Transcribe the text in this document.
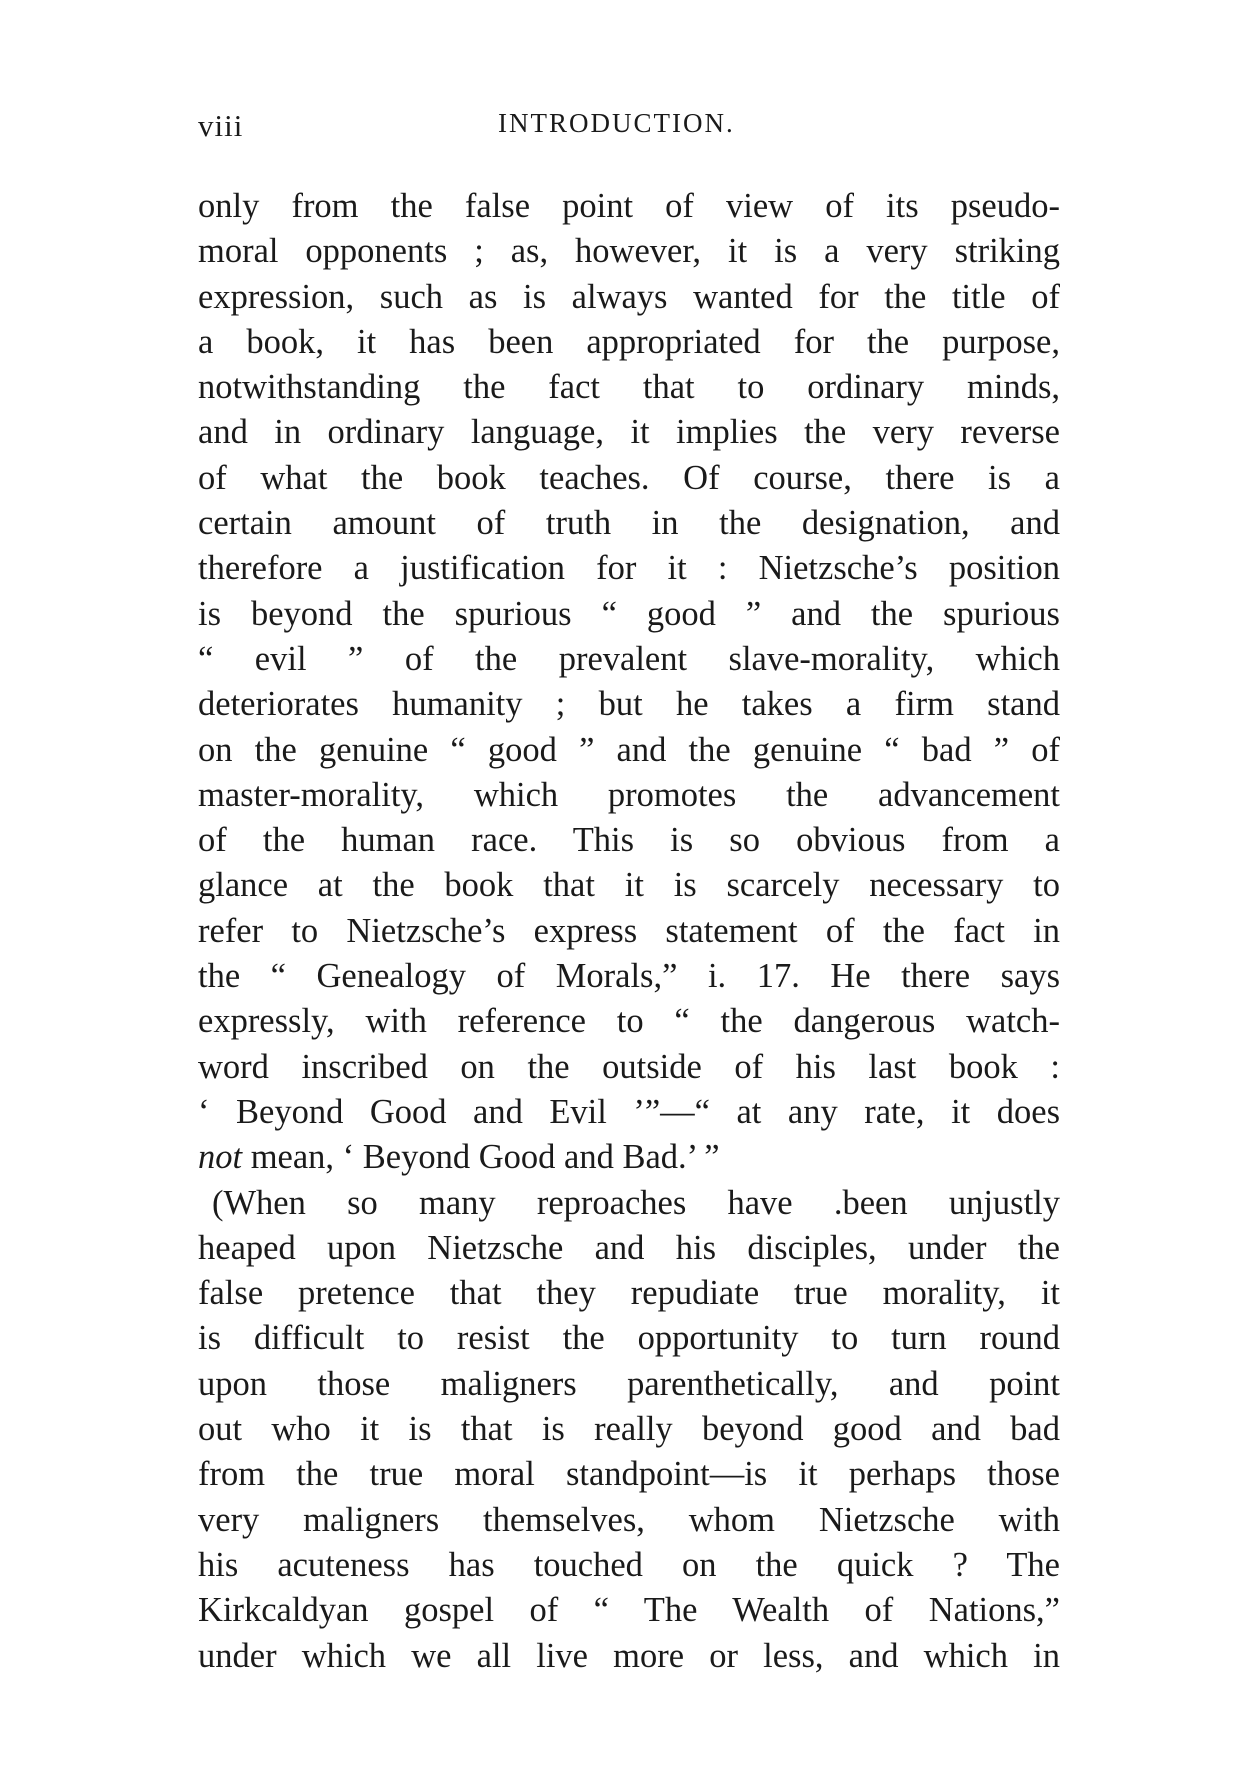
viii	INTRODUCTION.
only from the false point of view of its pseudo-
moral opponents ; as, however, it is a very striking
expression, such as is always wanted for the title of
a book, it has been appropriated for the purpose,
notwithstanding the fact that to ordinary minds,
and in ordinary language, it implies the very reverse
of what the book teaches. Of course, there is a
certain amount of truth in the designation, and
therefore a justification for it : Nietzsche’s position
is beyond the spurious “ good ” and the spurious
“ evil ” of the prevalent slave-morality, which
deteriorates humanity ; but he takes a firm stand
on the genuine “ good ” and the genuine “ bad ” of
master-morality, which promotes the advancement
of the human race. This is so obvious from a
glance at the book that it is scarcely necessary to
refer to Nietzsche’s express statement of the fact in
the “ Genealogy of Morals,” i. 17. He there says
expressly, with reference to “ the dangerous watch-
word inscribed on the outside of his last book :
‘ Beyond Good and Evil ’”—“ at any rate, it does
not mean, ‘ Beyond Good and Bad.’ ”
(When so many reproaches have .been unjustly
heaped upon Nietzsche and his disciples, under the
false pretence that they repudiate true morality, it
is difficult to resist the opportunity to turn round
upon those maligners parenthetically, and point
out who it is that is really beyond good and bad
from the true moral standpoint—is it perhaps those
very maligners themselves, whom Nietzsche with
his acuteness has touched on the quick ? The
Kirkcaldyan gospel of “ The Wealth of Nations,”
under which we all live more or less, and which in
